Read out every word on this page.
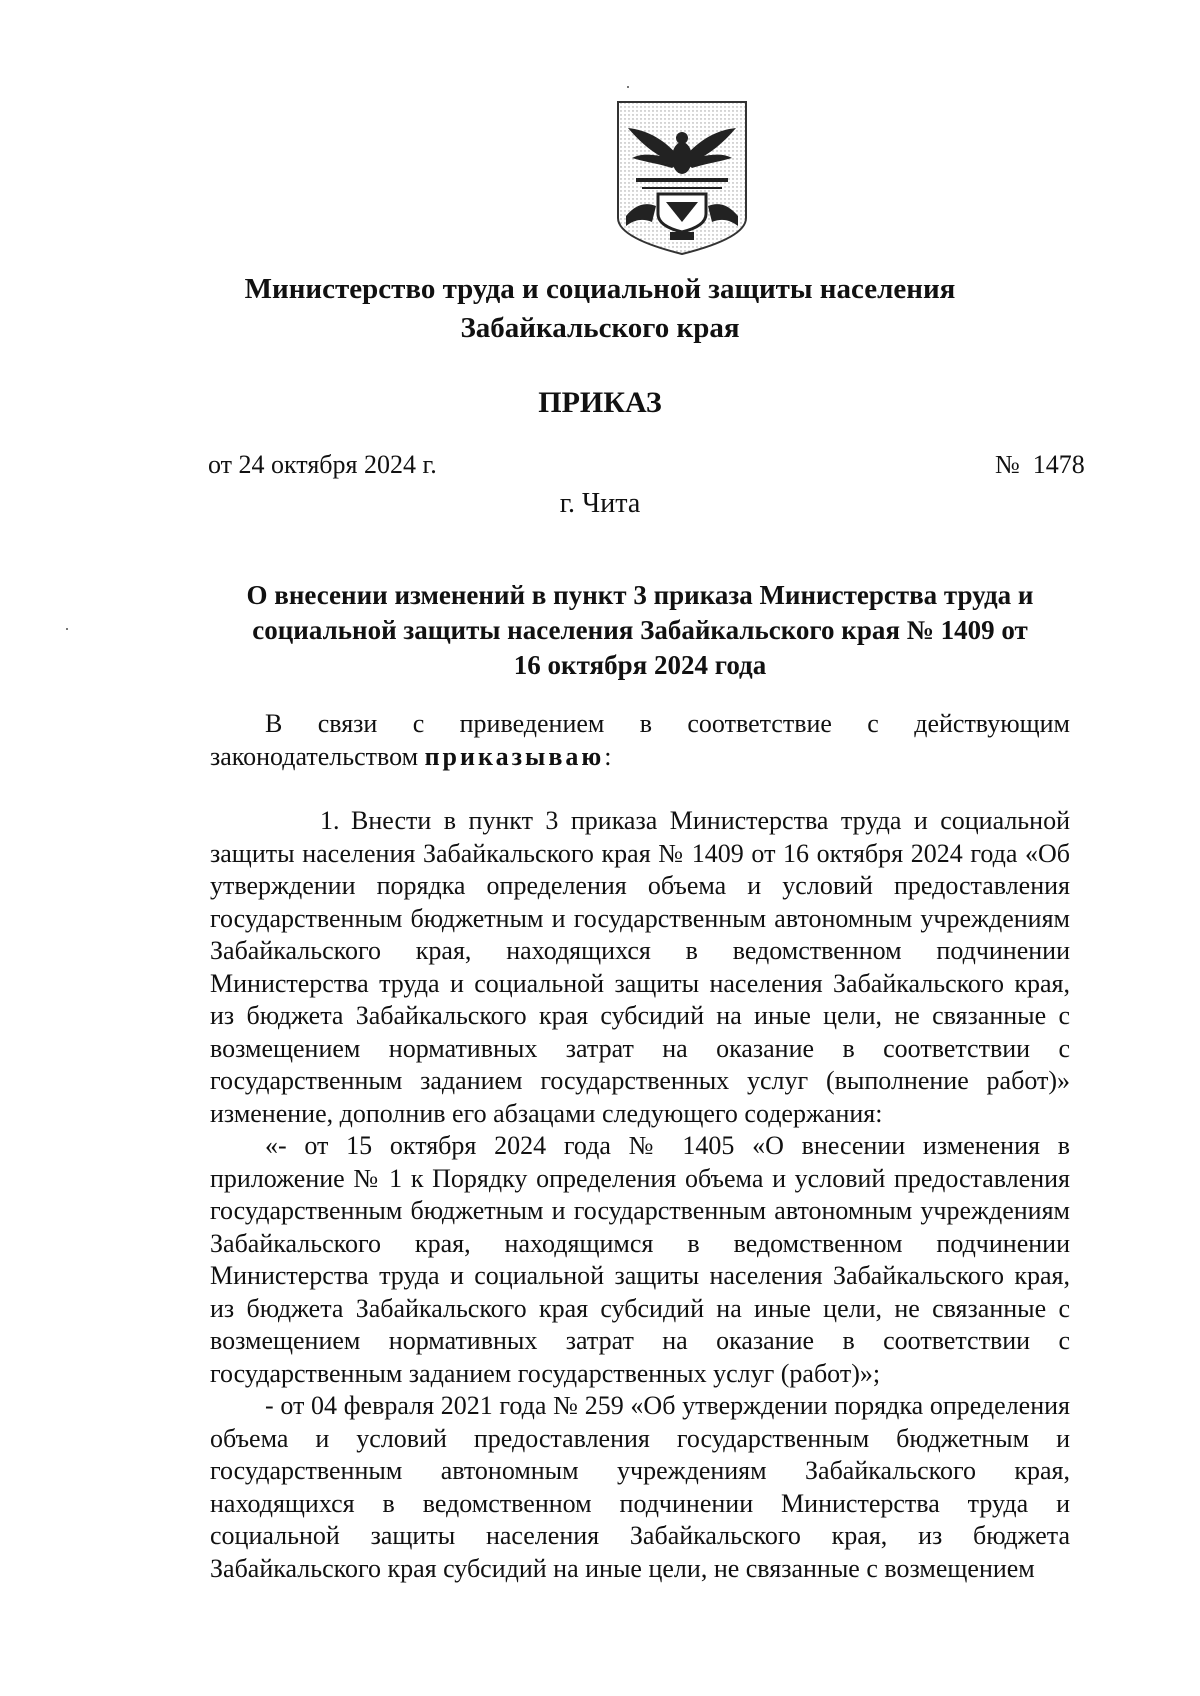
Министерство труда и социальной защиты населения
Забайкальского края
ПРИКАЗ
от 24 октября 2024 г.	№  1478
г. Чита
О внесении изменений в пункт 3 приказа Министерства труда и
социальной защиты населения Забайкальского края № 1409 от
16 октября 2024 года

В связи с приведением в соответствие с действующим законодательством приказываю:

1. Внести в пункт 3 приказа Министерства труда и социальной защиты населения Забайкальского края № 1409 от 16 октября 2024 года «Об утверждении порядка определения объема и условий предоставления государственным бюджетным и государственным автономным учреждениям Забайкальского края, находящихся в ведомственном подчинении Министерства труда и социальной защиты населения Забайкальского края, из бюджета Забайкальского края субсидий на иные цели, не связанные с возмещением нормативных затрат на оказание в соответствии с государственным заданием государственных услуг (выполнение работ)» изменение, дополнив его абзацами следующего содержания:

«- от 15 октября 2024 года № 1405 «О внесении изменения в приложение № 1 к Порядку определения объема и условий предоставления государственным бюджетным и государственным автономным учреждениям Забайкальского края, находящимся в ведомственном подчинении Министерства труда и социальной защиты населения Забайкальского края, из бюджета Забайкальского края субсидий на иные цели, не связанные с возмещением нормативных затрат на оказание в соответствии с государственным заданием государственных услуг (работ)»;

- от 04 февраля 2021 года № 259 «Об утверждении порядка определения объема и условий предоставления государственным бюджетным и государственным автономным учреждениям Забайкальского края, находящихся в ведомственном подчинении Министерства труда и социальной защиты населения Забайкальского края, из бюджета Забайкальского края субсидий на иные цели, не связанные с возмещением
